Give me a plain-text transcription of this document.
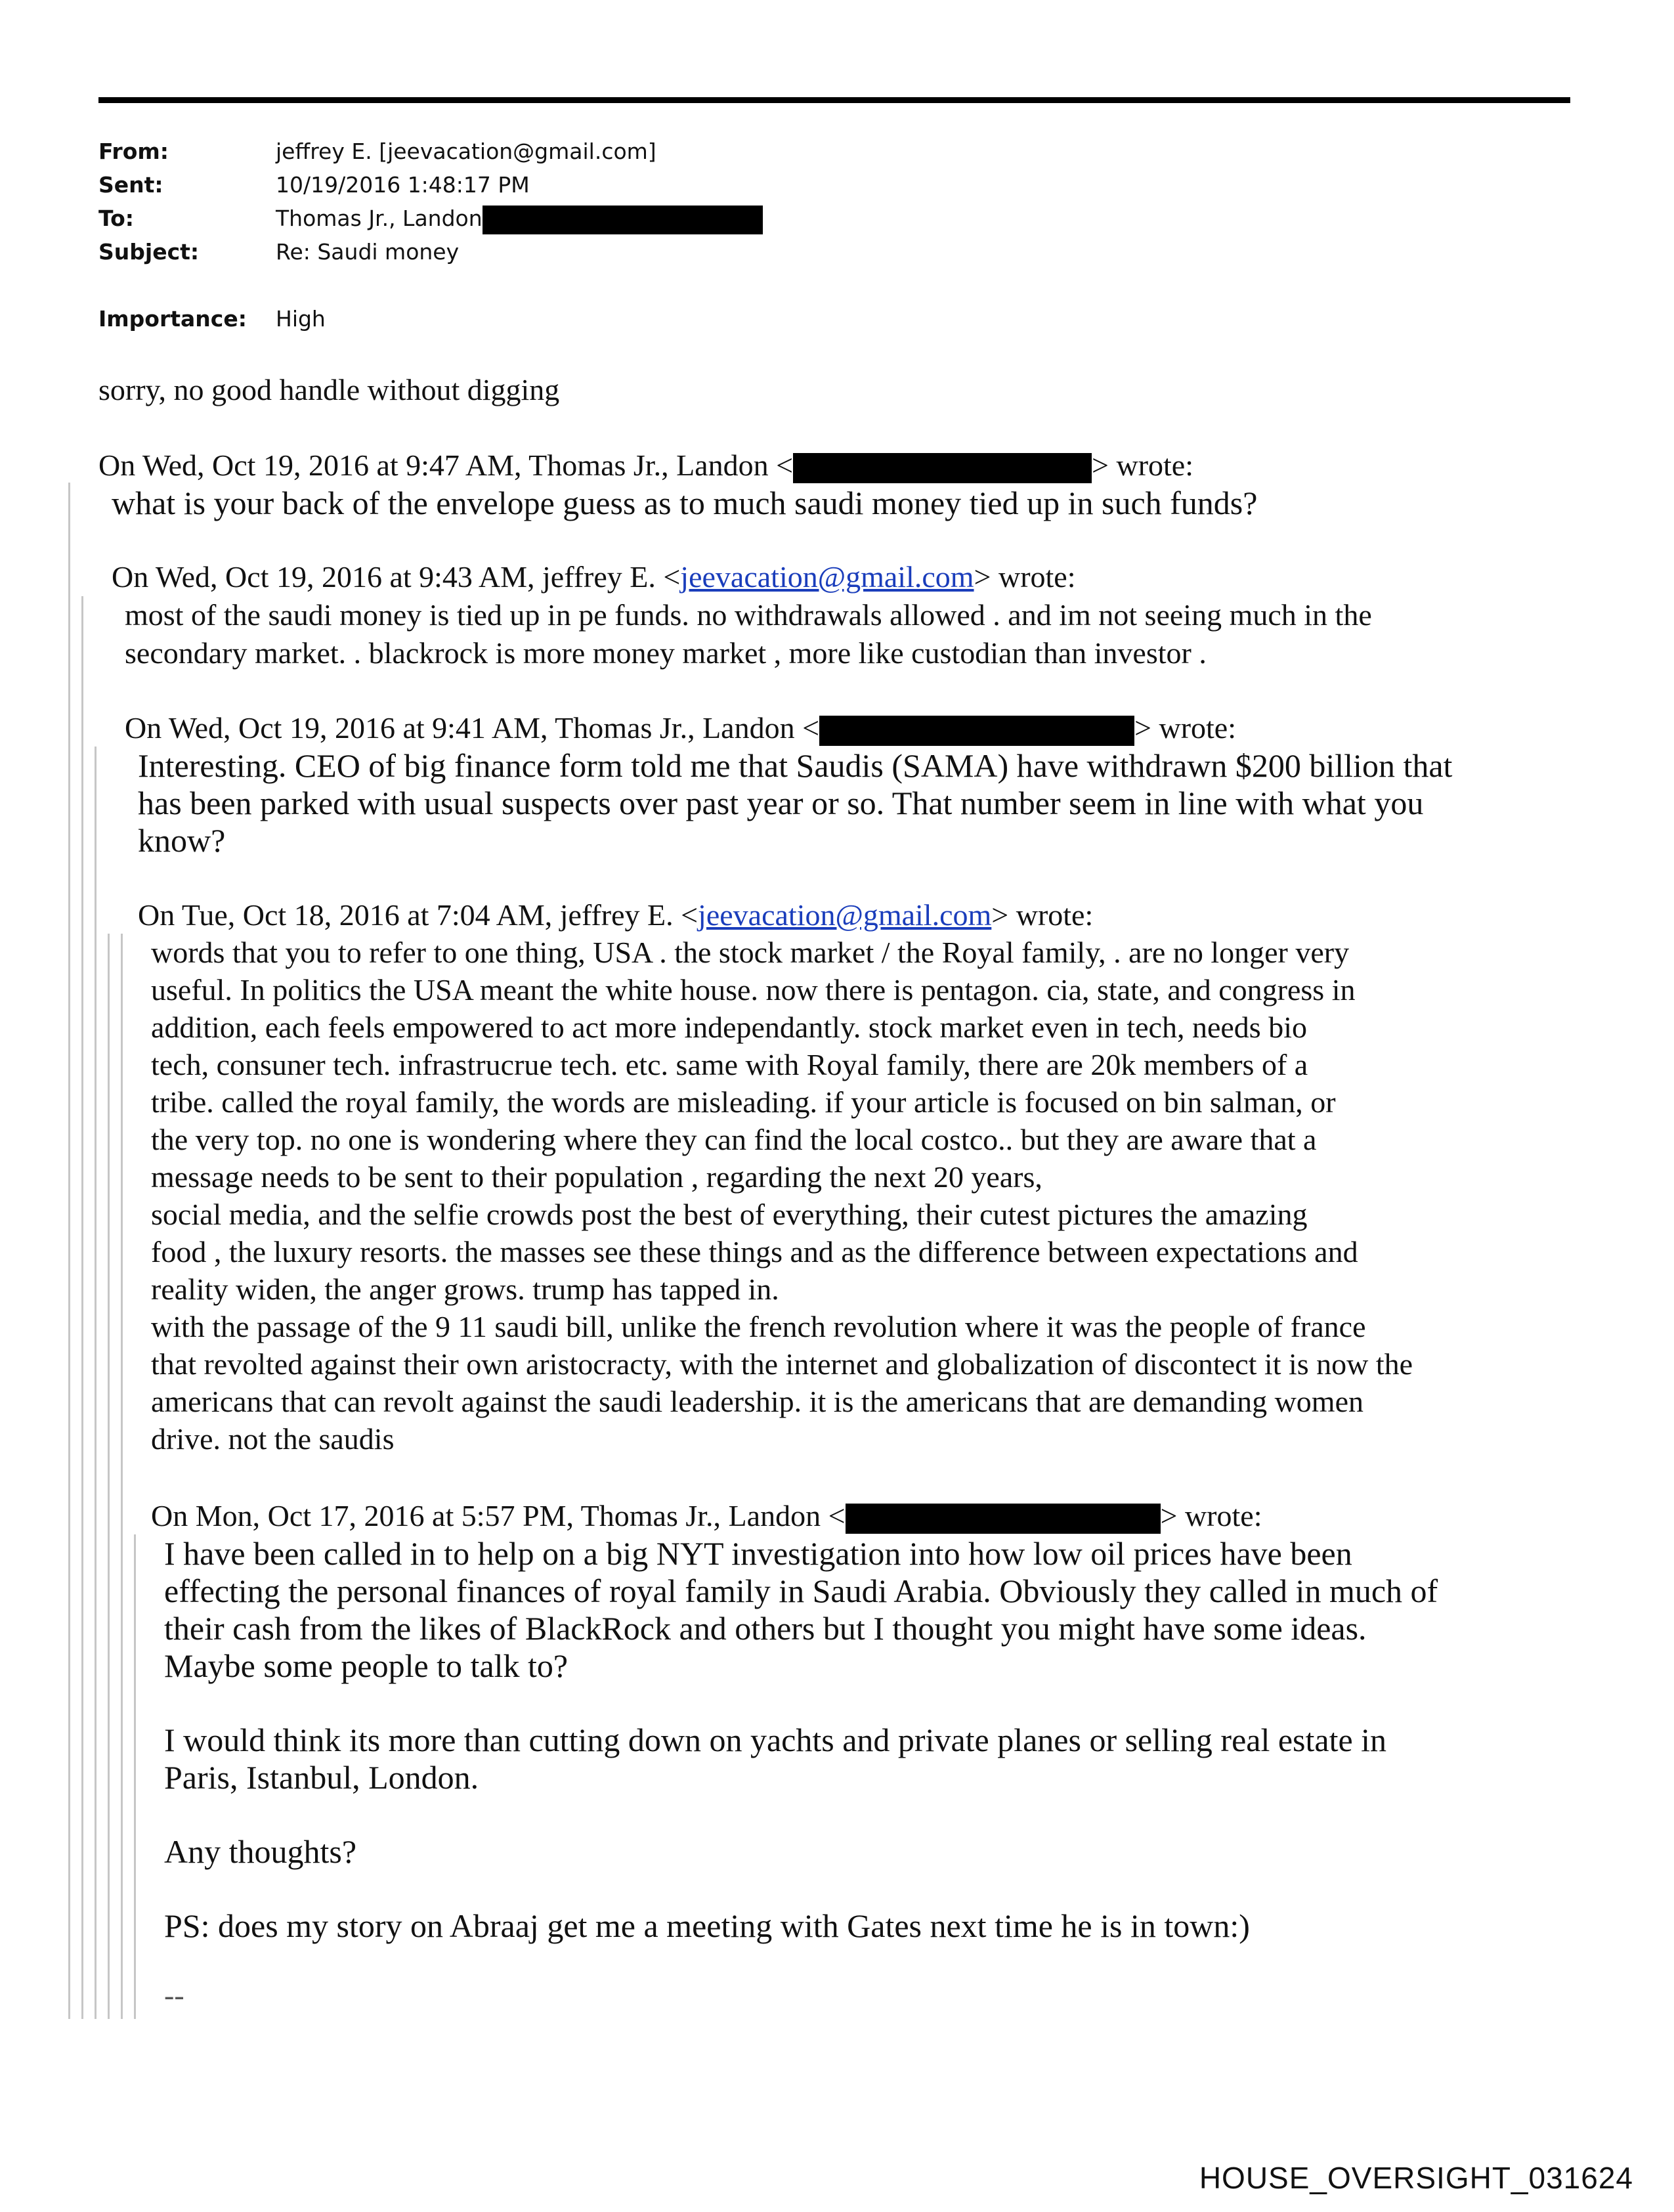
From:	jeffrey E. [jeevacation@gmail.com]
Sent:	10/19/2016 1:48:17 PM
To:	Thomas Jr., Landon
Subject:	Re: Saudi money
Importance: High
sorry, no good handle without digging
On Wed, Oct 19, 2016 at 9:47 AM, Thomas Jr., Landon <	> wrote:
what is your back of the envelope guess as to much saudi money tied up in such funds?
On Wed, Oct 19, 2016 at 9:43 AM, jeffrey E. <jeevacation@gmail.com> wrote:
most of the saudi money is tied up in pe funds. no withdrawals allowed . and im not seeing much in the
secondary market. . blackrock is more money market , more like custodian than investor .
On Wed, Oct 19, 2016 at 9:41 AM, Thomas Jr., Landon <	> wrote:
Interesting. CEO of big finance form told me that Saudis (SAMA) have withdrawn $200 billion that
has been parked with usual suspects over past year or so. That number seem in line with what you
know?
On Tue, Oct 18, 2016 at 7:04 AM, jeffrey E. <jeevacation@gmail.com> wrote:
words that you to refer to one thing, USA . the stock market / the Royal family, . are no longer very
useful. In politics the USA meant the white house. now there is pentagon. cia, state, and congress in
addition, each feels empowered to act more independantly. stock market even in tech, needs bio
tech, consuner tech. infrastrucrue tech. etc. same with Royal family, there are 20k members of a
tribe. called the royal family, the words are misleading. if your article is focused on bin salman, or
the very top. no one is wondering where they can find the local costco.. but they are aware that a
message needs to be sent to their population , regarding the next 20 years,
social media, and the selfie crowds post the best of everything, their cutest pictures the amazing
food , the luxury resorts. the masses see these things and as the difference between expectations and
reality widen, the anger grows. trump has tapped in.
with the passage of the 9 11 saudi bill, unlike the french revolution where it was the people of france
that revolted against their own aristocracty, with the internet and globalization of discontect it is now the
americans that can revolt against the saudi leadership. it is the americans that are demanding women
drive. not the saudis
On Mon, Oct 17, 2016 at 5:57 PM, Thomas Jr., Landon <	> wrote:
I have been called in to help on a big NYT investigation into how low oil prices have been
effecting the personal finances of royal family in Saudi Arabia. Obviously they called in much of
their cash from the likes of BlackRock and others but I thought you might have some ideas.
Maybe some people to talk to?
I would think its more than cutting down on yachts and private planes or selling real estate in
Paris, Istanbul, London.
Any thoughts?
PS: does my story on Abraaj get me a meeting with Gates next time he is in town:)
--
HOUSE_OVERSIGHT_031624
